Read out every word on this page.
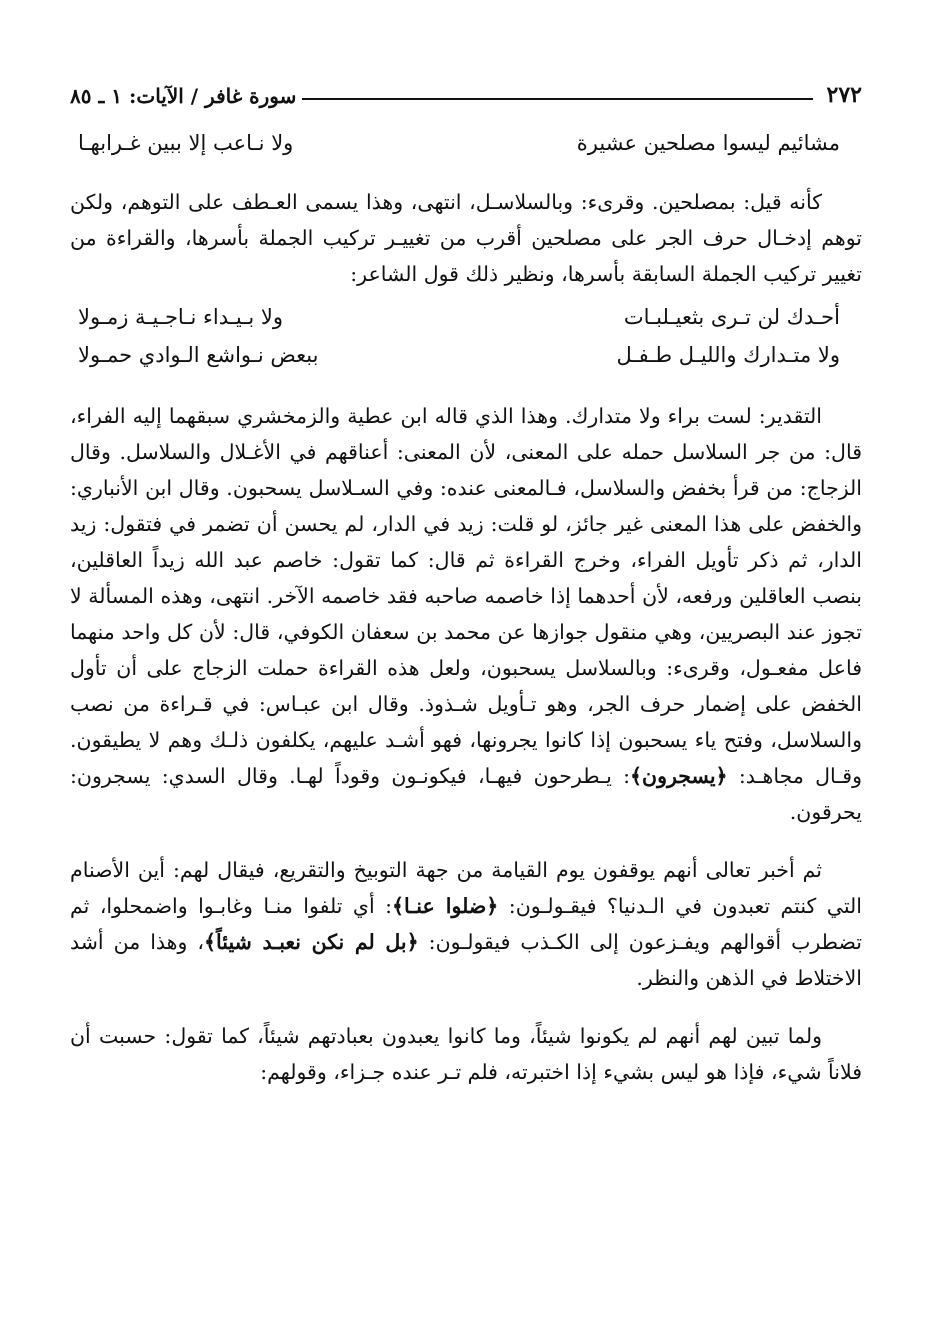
٢٧٢
سورة غافر / الآيات: ١ ـ ٨٥
مشائيم ليسوا مصلحين عشيرة
ولا نـاعب إلا ببين غـرابهـا

كأنه قيل: بمصلحين. وقرىء: وبالسلاسـل، انتهى، وهذا يسمى العـطف على التوهم، ولكن توهم إدخـال حرف الجر على مصلحين أقرب من تغييـر تركيب الجملة بأسرها، والقراءة من تغيير تركيب الجملة السابقة بأسرها، ونظير ذلك قول الشاعر:

أحـدك لن تـرى بثعيـلبـات
ولا بـيـداء نـاجـيـة زمـولا
ولا متـدارك والليـل طـفـل
ببعض نـواشع الـوادي حمـولا

التقدير: لست براء ولا متدارك. وهذا الذي قاله ابن عطية والزمخشري سبقهما إليه الفراء، قال: من جر السلاسل حمله على المعنى، لأن المعنى: أعناقهم في الأغـلال والسلاسل. وقال الزجاج: من قرأ بخفض والسلاسل، فـالمعنى عنده: وفي السـلاسل يسحبون. وقال ابن الأنباري: والخفض على هذا المعنى غير جائز، لو قلت: زيد في الدار، لم يحسن أن تضمر في فتقول: زيد الدار، ثم ذكر تأويل الفراء، وخرج القراءة ثم قال: كما تقول: خاصم عبد الله زيداً العاقلين، بنصب العاقلين ورفعه، لأن أحدهما إذا خاصمه صاحبه فقد خاصمه الآخر. انتهى، وهذه المسألة لا تجوز عند البصريين، وهي منقول جوازها عن محمد بن سعفان الكوفي، قال: لأن كل واحد منهما فاعل مفعـول، وقرىء: وبالسلاسل يسحبون، ولعل هذه القراءة حملت الزجاج على أن تأول الخفض على إضمار حرف الجر، وهو تـأويل شـذوذ. وقال ابن عبـاس: في قـراءة من نصب والسلاسل، وفتح ياء يسحبون إذا كانوا يجرونها، فهو أشـد عليهم، يكلفون ذلـك وهم لا يطيقون. وقـال مجاهـد: ﴿يسجرون﴾: يـطرحون فيهـا، فيكونـون وقوداً لهـا. وقال السدي: يسجرون: يحرقون.

ثم أخبر تعالى أنهم يوقفون يوم القيامة من جهة التوبيخ والتقريع، فيقال لهم: أين الأصنام التي كنتم تعبدون في الـدنيا؟ فيقـولـون: ﴿ضلوا عنـا﴾: أي تلفوا منـا وغابـوا واضمحلوا، ثم تضطرب أقوالهم ويفـزعون إلى الكـذب فيقولـون: ﴿بل لم نكن نعبـد شيئاً﴾، وهذا من أشد الاختلاط في الذهن والنظر.

ولما تبين لهم أنهم لم يكونوا شيئاً، وما كانوا يعبدون بعبادتهم شيئاً، كما تقول: حسبت أن فلاناً شيء، فإذا هو ليس بشيء إذا اختبرته، فلم تـر عنده جـزاء، وقولهم:
